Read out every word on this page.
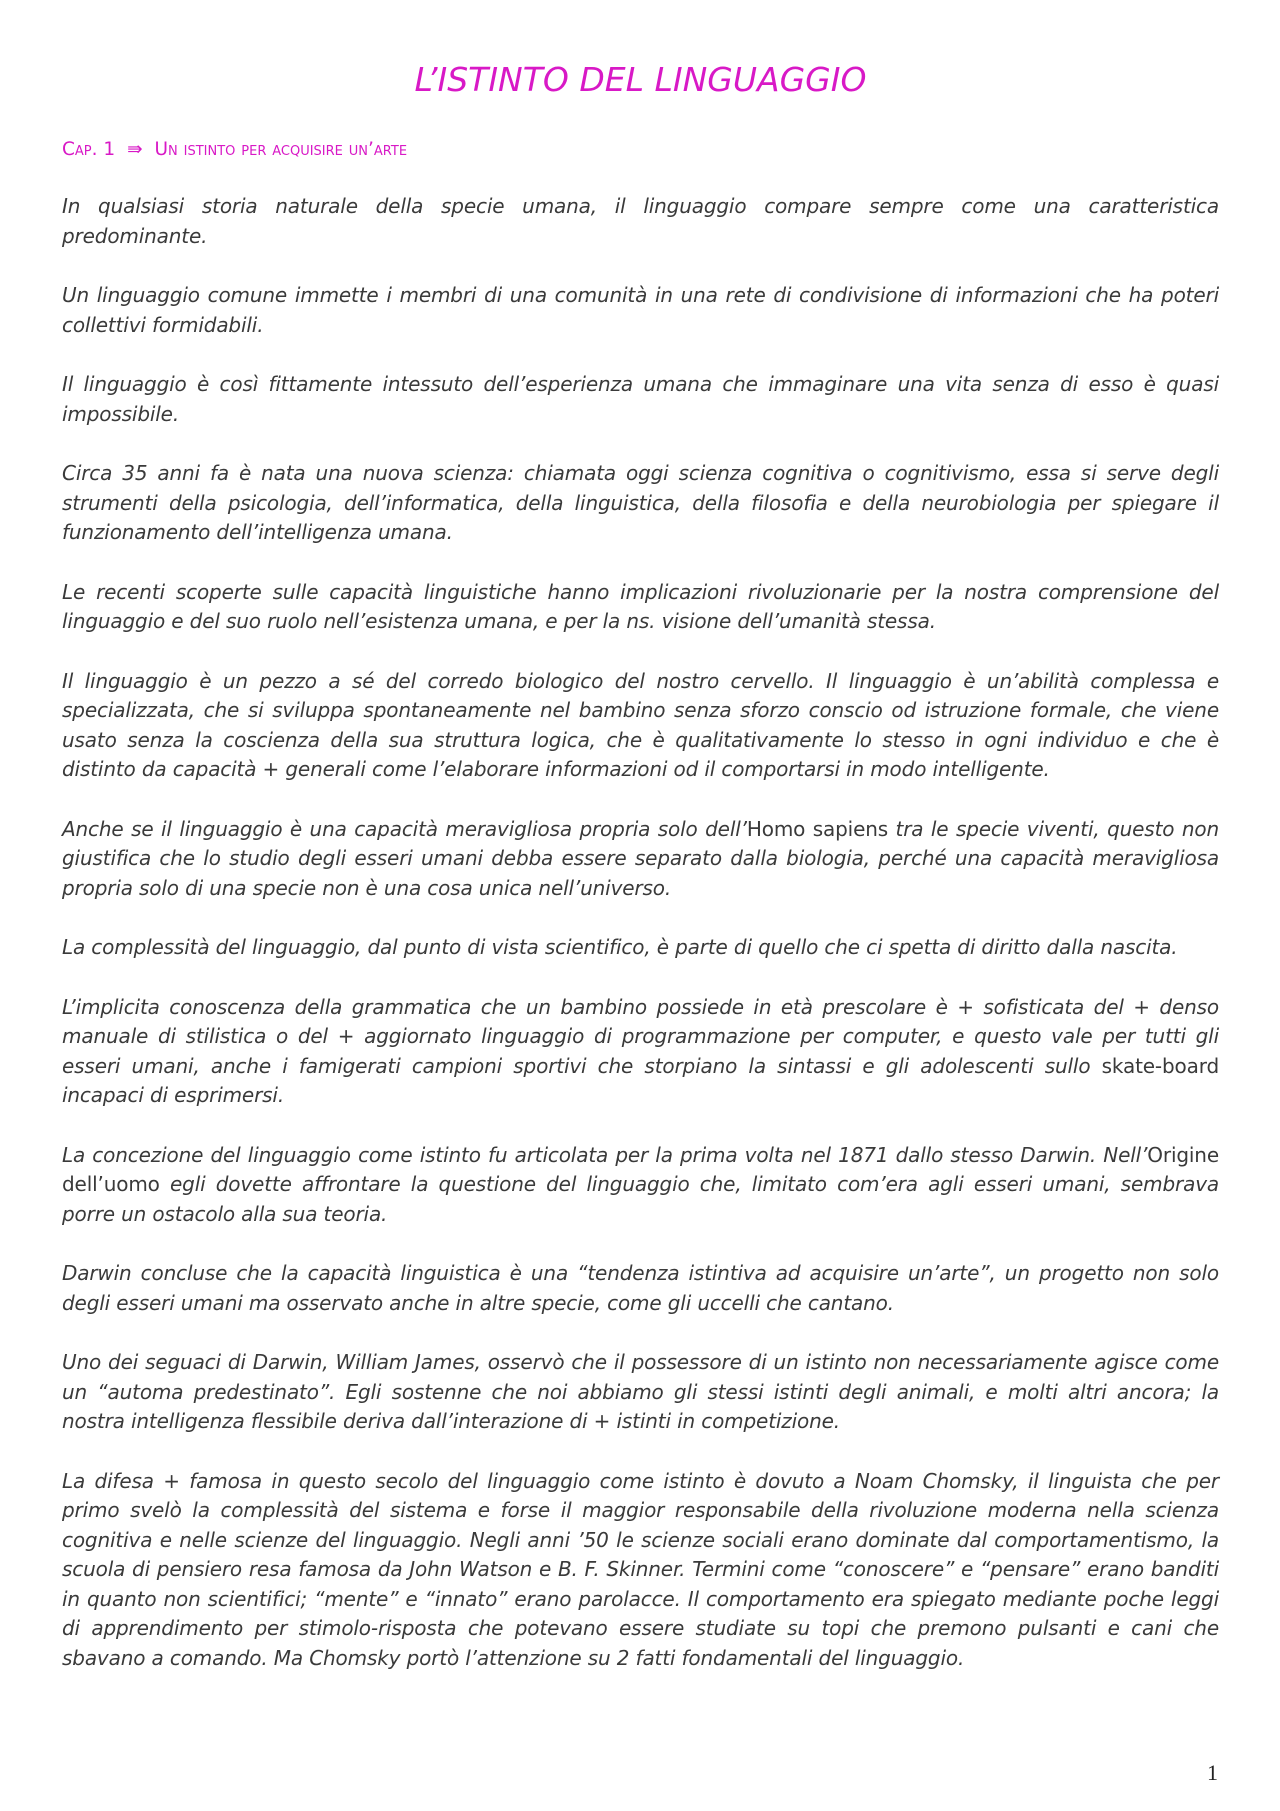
L’ISTINTO DEL LINGUAGGIO
Cap. 1 ⇛ Un istinto per acquisire un’arte

In qualsiasi storia naturale della specie umana, il linguaggio compare sempre come una caratteristica predominante.

Un linguaggio comune immette i membri di una comunità in una rete di condivisione di informazioni che ha poteri collettivi formidabili.

Il linguaggio è così fittamente intessuto dell’esperienza umana che immaginare una vita senza di esso è quasi impossibile.

Circa 35 anni fa è nata una nuova scienza: chiamata oggi scienza cognitiva o cognitivismo, essa si serve degli strumenti della psicologia, dell’informatica, della linguistica, della filosofia e della neurobiologia per spiegare il funzionamento dell’intelligenza umana.

Le recenti scoperte sulle capacità linguistiche hanno implicazioni rivoluzionarie per la nostra comprensione del linguaggio e del suo ruolo nell’esistenza umana, e per la ns. visione dell’umanità stessa.

Il linguaggio è un pezzo a sé del corredo biologico del nostro cervello. Il linguaggio è un’abilità complessa e specializzata, che si sviluppa spontaneamente nel bambino senza sforzo conscio od istruzione formale, che viene usato senza la coscienza della sua struttura logica, che è qualitativamente lo stesso in ogni individuo e che è distinto da capacità + generali come l’elaborare informazioni od il comportarsi in modo intelligente.

Anche se il linguaggio è una capacità meravigliosa propria solo dell’Homo sapiens tra le specie viventi, questo non giustifica che lo studio degli esseri umani debba essere separato dalla biologia, perché una capacità meravigliosa propria solo di una specie non è una cosa unica nell’universo.

La complessità del linguaggio, dal punto di vista scientifico, è parte di quello che ci spetta di diritto dalla nascita.

L’implicita conoscenza della grammatica che un bambino possiede in età prescolare è + sofisticata del + denso manuale di stilistica o del + aggiornato linguaggio di programmazione per computer, e questo vale per tutti gli esseri umani, anche i famigerati campioni sportivi che storpiano la sintassi e gli adolescenti sullo skate-board incapaci di esprimersi.

La concezione del linguaggio come istinto fu articolata per la prima volta nel 1871 dallo stesso Darwin. Nell’Origine dell’uomo egli dovette affrontare la questione del linguaggio che, limitato com’era agli esseri umani, sembrava porre un ostacolo alla sua teoria.

Darwin concluse che la capacità linguistica è una “tendenza istintiva ad acquisire un’arte”, un progetto non solo degli esseri umani ma osservato anche in altre specie, come gli uccelli che cantano.

Uno dei seguaci di Darwin, William James, osservò che il possessore di un istinto non necessariamente agisce come un “automa predestinato”. Egli sostenne che noi abbiamo gli stessi istinti degli animali, e molti altri ancora; la nostra intelligenza flessibile deriva dall’interazione di + istinti in competizione.

La difesa + famosa in questo secolo del linguaggio come istinto è dovuto a Noam Chomsky, il linguista che per primo svelò la complessità del sistema e forse il maggior responsabile della rivoluzione moderna nella scienza cognitiva e nelle scienze del linguaggio. Negli anni ’50 le scienze sociali erano dominate dal comportamentismo, la scuola di pensiero resa famosa da John Watson e B. F. Skinner. Termini come “conoscere” e “pensare” erano banditi in quanto non scientifici; “mente” e “innato” erano parolacce. Il comportamento era spiegato mediante poche leggi di apprendimento per stimolo-risposta che potevano essere studiate su topi che premono pulsanti e cani che sbavano a comando. Ma Chomsky portò l’attenzione su 2 fatti fondamentali del linguaggio.

1
